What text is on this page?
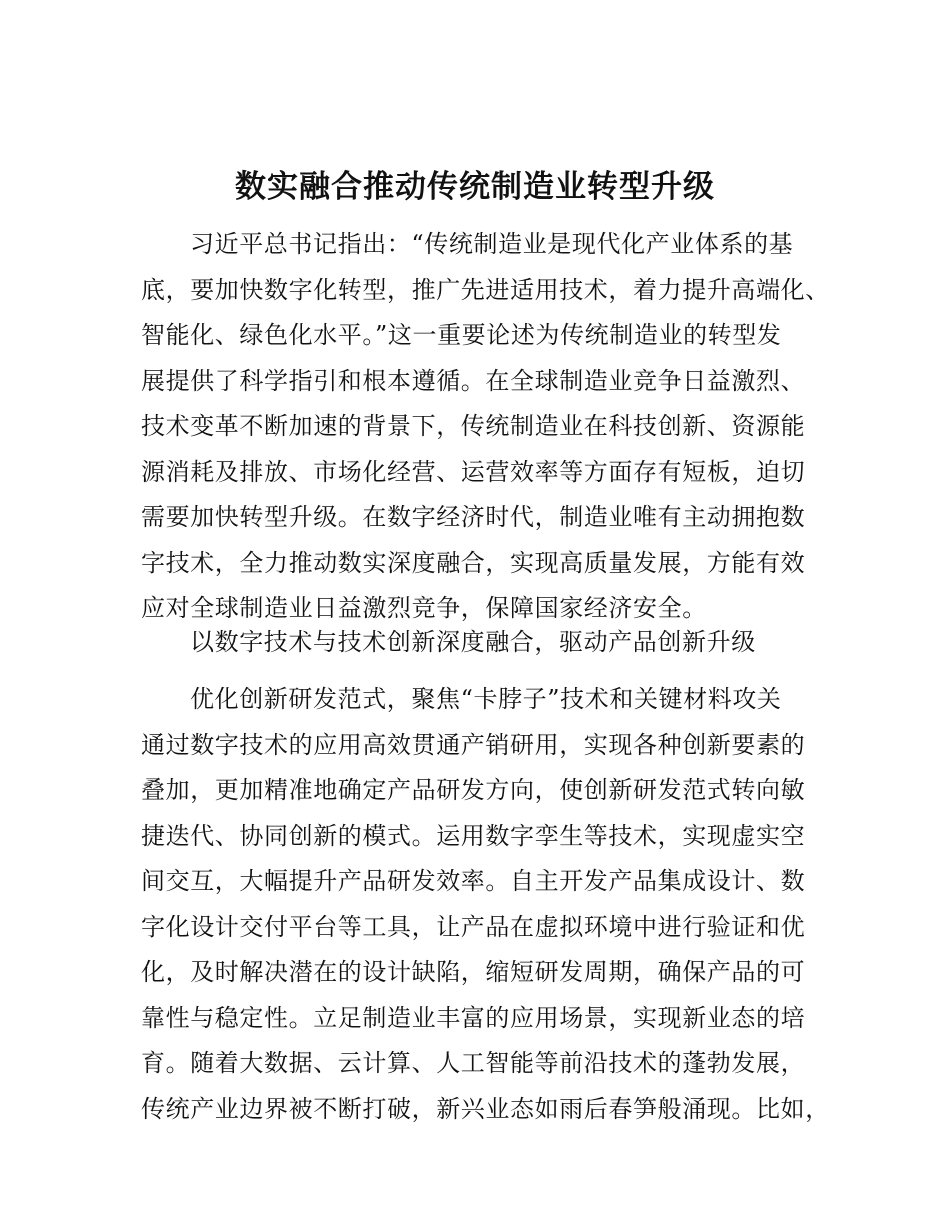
数实融合推动传统制造业转型升级
习近平总书记指出：“传统制造业是现代化产业体系的基
底，要加快数字化转型，推广先进适用技术，着力提升高端化、
智能化、绿色化水平。”这一重要论述为传统制造业的转型发
展提供了科学指引和根本遵循。在全球制造业竞争日益激烈、
技术变革不断加速的背景下，传统制造业在科技创新、资源能
源消耗及排放、市场化经营、运营效率等方面存有短板，迫切
需要加快转型升级。在数字经济时代，制造业唯有主动拥抱数
字技术，全力推动数实深度融合，实现高质量发展，方能有效
应对全球制造业日益激烈竞争，保障国家经济安全。
以数字技术与技术创新深度融合，驱动产品创新升级
优化创新研发范式，聚焦“卡脖子”技术和关键材料攻关
通过数字技术的应用高效贯通产销研用，实现各种创新要素的
叠加，更加精准地确定产品研发方向，使创新研发范式转向敏
捷迭代、协同创新的模式。运用数字孪生等技术，实现虚实空
间交互，大幅提升产品研发效率。自主开发产品集成设计、数
字化设计交付平台等工具，让产品在虚拟环境中进行验证和优
化，及时解决潜在的设计缺陷，缩短研发周期，确保产品的可
靠性与稳定性。立足制造业丰富的应用场景，实现新业态的培
育。随着大数据、云计算、人工智能等前沿技术的蓬勃发展，
传统产业边界被不断打破，新兴业态如雨后春笋般涌现。比如，
